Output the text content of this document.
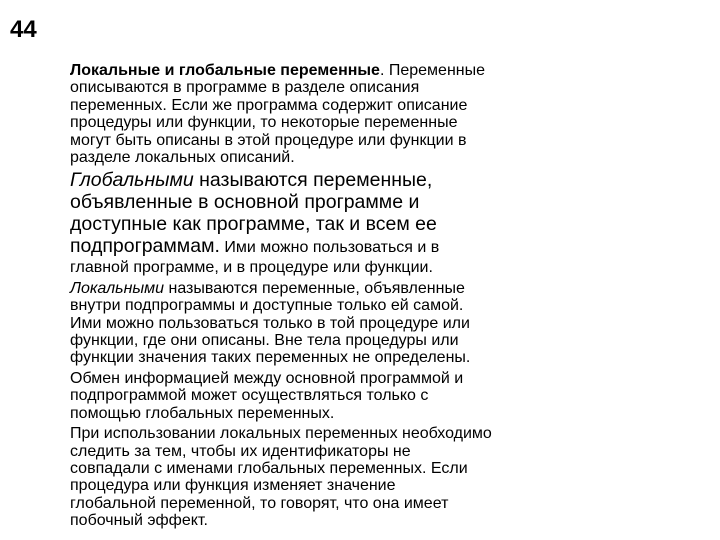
44

Локальные и глобальные переменные. Переменные
описываются в программе в разделе описания
переменных. Если же программа содержит описание
процедуры или функции, то некоторые переменные
могут быть описаны в этой процедуре или функции в
разделе локальных описаний.

Глобальными называются переменные,
объявленные в основной программе и
доступные как программе, так и всем ее
подпрограммам. Ими можно пользоваться и в
главной программе, и в процедуре или функции.

Локальными называются переменные, объявленные
внутри подпрограммы и доступные только ей самой.
Ими можно пользоваться только в той процедуре или
функции, где они описаны. Вне тела процедуры или
функции значения таких переменных не определены.

Обмен информацией между основной программой и
подпрограммой может осуществляться только с
помощью глобальных переменных.

При использовании локальных переменных необходимо
следить за тем, чтобы их идентификаторы не
совпадали с именами глобальных переменных. Если
процедура или функция изменяет значение
глобальной переменной, то говорят, что она имеет
побочный эффект.
